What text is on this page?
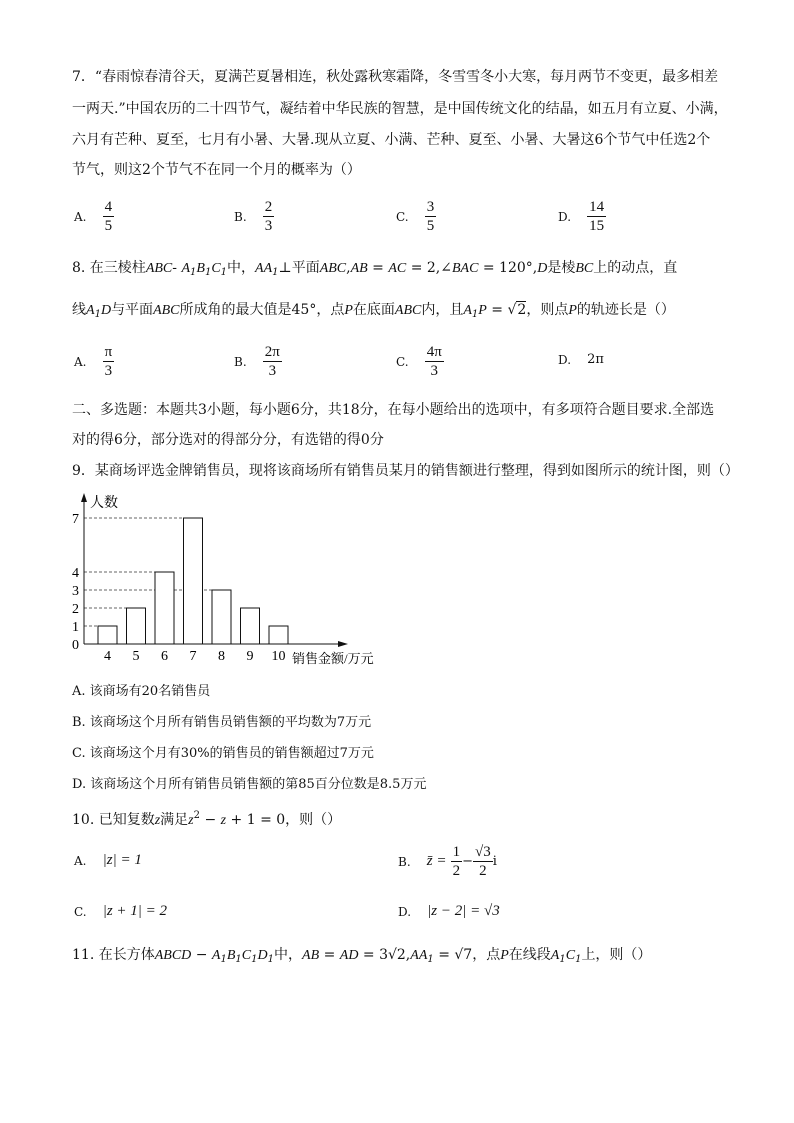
7．“春雨惊春清谷天，夏满芒夏暑相连，秋处露秋寒霜降，冬雪雪冬小大寒，每月两节不变更，最多相差
一两天.”中国农历的二十四节气，凝结着中华民族的智慧，是中国传统文化的结晶，如五月有立夏、小满，
六月有芒种、夏至，七月有小暑、大暑.现从立夏、小满、芒种、夏至、小暑、大暑这6个节气中任选2个
节气，则这2个节气不在同一个月的概率为（）
A. $\frac{4}{5}$	B. $\frac{2}{3}$	C. $\frac{3}{5}$	D. $\frac{14}{15}$
8. 在三棱柱ABC- $A_1B_1C_1$中，$AA_1\perp$平面ABC,AB = AC = 2,∠BAC = 120°,D是棱BC上的动点，直
线$A_1D$与平面ABC所成角的最大值是45°，点P在底面ABC内，且$A_1P = √2$，则点P的轨迹长是（）
A. $\frac{\pi}{3}$	B. $\frac{2\pi}{3}$	C. $\frac{4\pi}{3}$	D. 2π
二、多选题：本题共3小题，每小题6分，共18分，在每小题给出的选项中，有多项符合题目要求.全部选
对的得6分，部分选对的得部分分，有选错的得0分
9．某商场评选金牌销售员，现将该商场所有销售员某月的销售额进行整理，得到如图所示的统计图，则（）
0
1
2
3
4
7
4 5 6 7 8 9 10
人数
销售金额/万元
A. 该商场有20名销售员
B. 该商场这个月所有销售员销售额的平均数为7万元
C. 该商场这个月有30%的销售员的销售额超过7万元
D. 该商场这个月所有销售员销售额的第85百分位数是8.5万元
10. 已知复数z满足$z^2 - z + 1 = 0$，则（）
A. |z| = 1	B. z̄ = $\frac{1}{2} - \frac{√3}{2}$ i
C. |z + 1| = 2	D. |z − 2| = √3
11. 在长方体ABCD − $A_1B_1C_1D_1$中，AB = AD = $3√2,AA_1 = √7$，点P在线段$A_1C_1$上，则（）
